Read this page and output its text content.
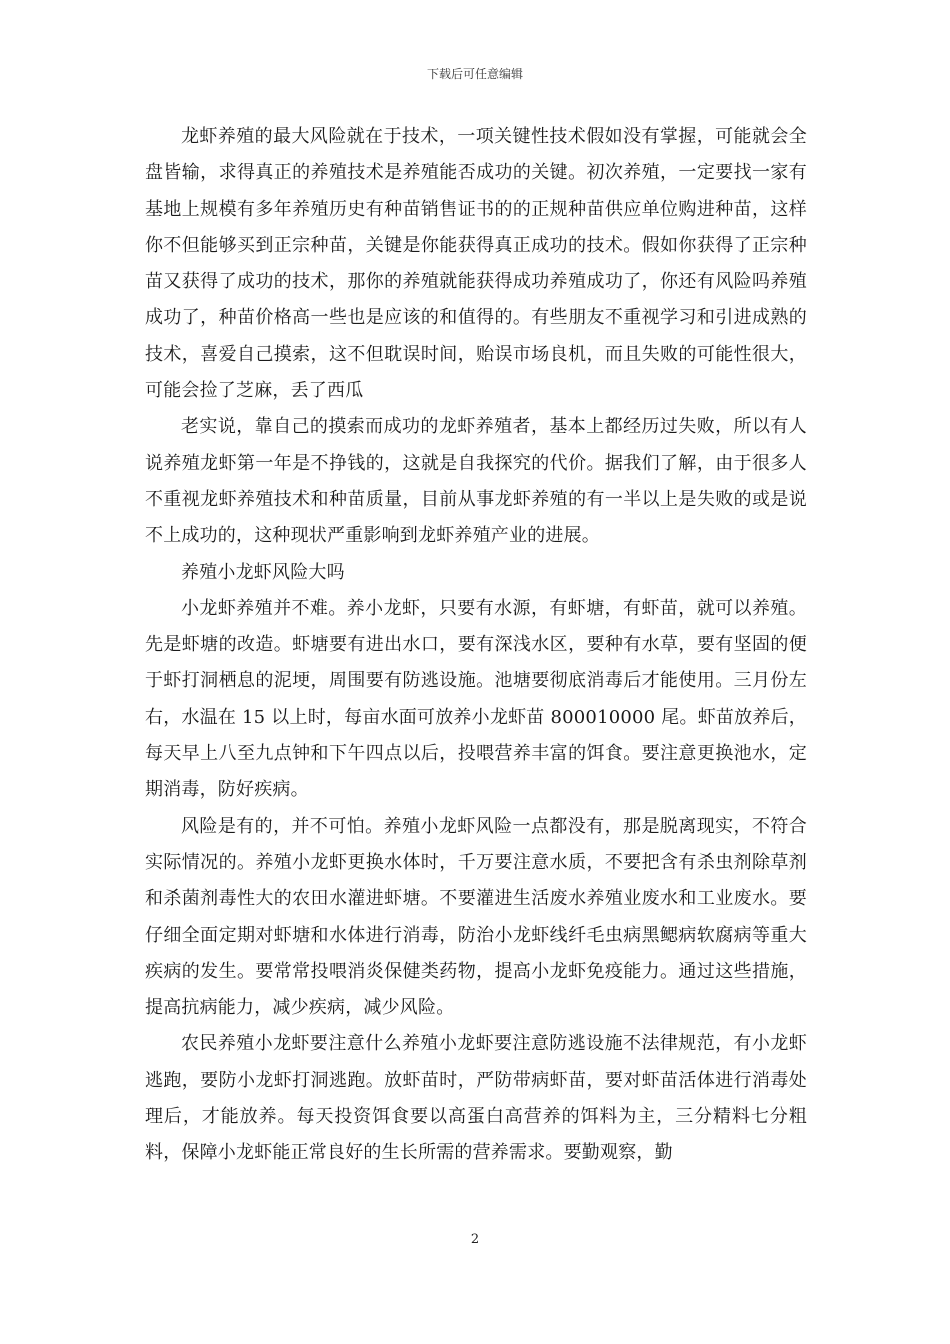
下载后可任意编辑

龙虾养殖的最大风险就在于技术，一项关键性技术假如没有掌握，可能就会全盘皆输，求得真正的养殖技术是养殖能否成功的关键。初次养殖，一定要找一家有基地上规模有多年养殖历史有种苗销售证书的的正规种苗供应单位购进种苗，这样你不但能够买到正宗种苗，关键是你能获得真正成功的技术。假如你获得了正宗种苗又获得了成功的技术，那你的养殖就能获得成功养殖成功了，你还有风险吗养殖成功了，种苗价格高一些也是应该的和值得的。有些朋友不重视学习和引进成熟的技术，喜爱自己摸索，这不但耽误时间，贻误市场良机，而且失败的可能性很大，可能会捡了芝麻，丢了西瓜

老实说，靠自己的摸索而成功的龙虾养殖者，基本上都经历过失败，所以有人说养殖龙虾第一年是不挣钱的，这就是自我探究的代价。据我们了解，由于很多人不重视龙虾养殖技术和种苗质量，目前从事龙虾养殖的有一半以上是失败的或是说不上成功的，这种现状严重影响到龙虾养殖产业的进展。

养殖小龙虾风险大吗

小龙虾养殖并不难。养小龙虾，只要有水源，有虾塘，有虾苗，就可以养殖。先是虾塘的改造。虾塘要有进出水口，要有深浅水区，要种有水草，要有坚固的便于虾打洞栖息的泥埂，周围要有防逃设施。池塘要彻底消毒后才能使用。三月份左右，水温在 15 以上时，每亩水面可放养小龙虾苗 800010000 尾。虾苗放养后，每天早上八至九点钟和下午四点以后，投喂营养丰富的饵食。要注意更换池水，定期消毒，防好疾病。

风险是有的，并不可怕。养殖小龙虾风险一点都没有，那是脱离现实，不符合实际情况的。养殖小龙虾更换水体时，千万要注意水质，不要把含有杀虫剂除草剂和杀菌剂毒性大的农田水灌进虾塘。不要灌进生活废水养殖业废水和工业废水。要仔细全面定期对虾塘和水体进行消毒，防治小龙虾线纤毛虫病黑鳃病软腐病等重大疾病的发生。要常常投喂消炎保健类药物，提高小龙虾免疫能力。通过这些措施，提高抗病能力，减少疾病，减少风险。

农民养殖小龙虾要注意什么养殖小龙虾要注意防逃设施不法律规范，有小龙虾逃跑，要防小龙虾打洞逃跑。放虾苗时，严防带病虾苗，要对虾苗活体进行消毒处理后，才能放养。每天投资饵食要以高蛋白高营养的饵料为主，三分精料七分粗料，保障小龙虾能正常良好的生长所需的营养需求。要勤观察，勤

2
